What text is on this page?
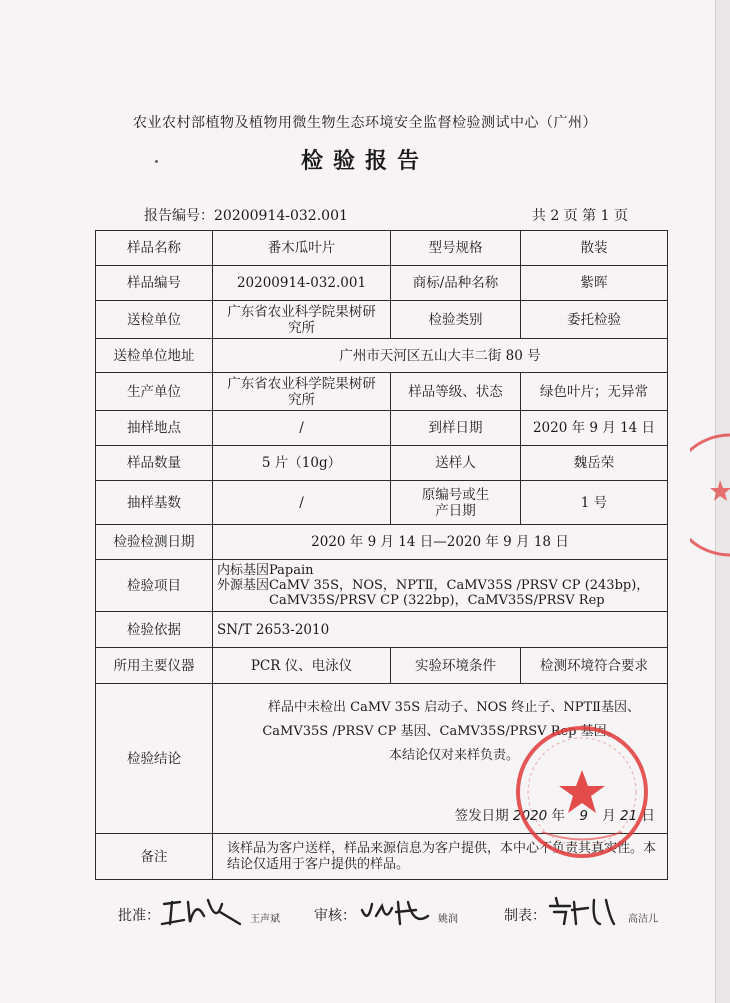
农业农村部植物及植物用微生物生态环境安全监督检验测试中心（广州）
检验报告
报告编号：20200914-032.001	共 2 页 第 1 页
样品名称	番木瓜叶片	型号规格	散装
样品编号	20200914-032.001	商标/品种名称	紫晖
送检单位	广东省农业科学院果树研究所	检验类别	委托检验
送检单位地址	广州市天河区五山大丰二街 80 号		
生产单位	广东省农业科学院果树研究所	样品等级、状态	绿色叶片；无异常
抽样地点	/	到样日期	2020 年 9 月 14 日
样品数量	5 片（10g）	送样人	魏岳荣
抽样基数	/	原编号或生产日期	1 号
检验检测日期	2020 年 9 月 14 日—2020 年 9 月 18 日		
检验项目	内标基因 Papain
外源基因 CaMV 35S，NOS，NPTⅡ，CaMV35S /PRSV CP (243bp)，CaMV35S/PRSV CP (322bp)，CaMV35S/PRSV Rep		

检验依据	SN/T 2653-2010		
所用主要仪器	PCR 仪、电泳仪	实验环境条件	检测环境符合要求
检验结论	样品中未检出 CaMV 35S 启动子、NOS 终止子、NPTⅡ基因、

CaMV35S /PRSV CP 基因、CaMV35S/PRSV Rep 基因。

本结论仅对来样负责。

签发日期 2020 年 9 月 21 日		

备注	该样品为客户送样，样品来源信息为客户提供，本中心不负责其真实性。本结论仅适用于客户提供的样品。		
批准：	王声斌 审核：	姚润	制表：	高洁儿
